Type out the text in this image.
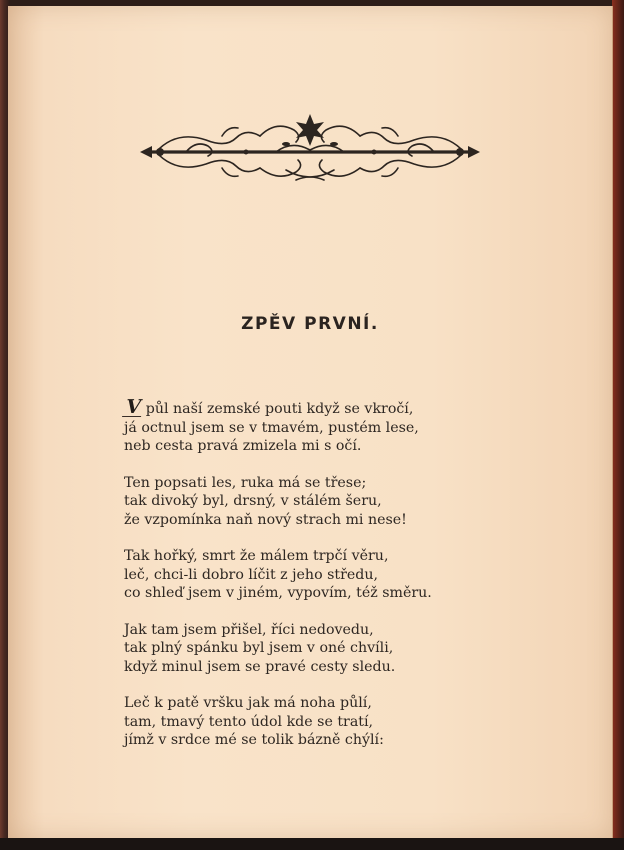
ZPĚV PRVNÍ.
V půl naší zemské pouti když se vkročí,
já octnul jsem se v tmavém, pustém lese,
neb cesta pravá zmizela mi s očí.
Ten popsati les, ruka má se třese;
tak divoký byl, drsný, v stálém šeru,
že vzpomínka naň nový strach mi nese!
Tak hořký, smrt že málem trpčí věru,
leč, chci-li dobro líčit z jeho středu,
co shleď jsem v jiném, vypovím, též směru.
Jak tam jsem přišel, říci nedovedu,
tak plný spánku byl jsem v oné chvíli,
když minul jsem se pravé cesty sledu.
Leč k patě vršku jak má noha půlí,
tam, tmavý tento údol kde se tratí,
jímž v srdce mé se tolik bázně chýlí:
